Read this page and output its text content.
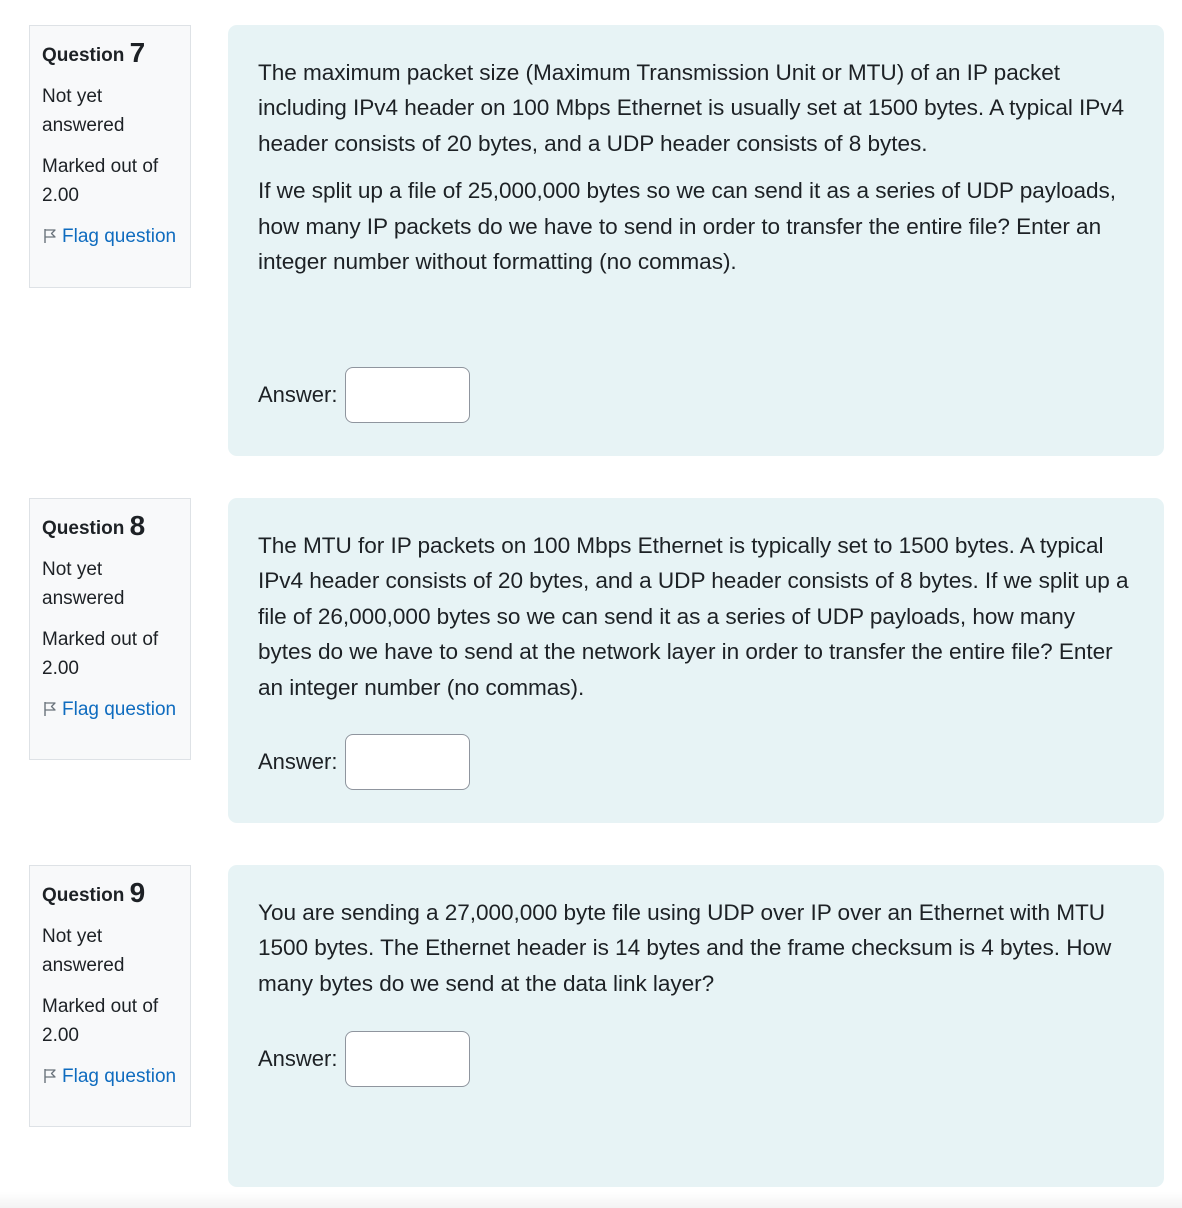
Question 7
Not yet answered
Marked out of 2.00
Flag question

The maximum packet size (Maximum Transmission Unit or MTU) of an IP packet including IPv4 header on 100 Mbps Ethernet is usually set at 1500 bytes. A typical IPv4 header consists of 20 bytes, and a UDP header consists of 8 bytes.

If we split up a file of 25,000,000 bytes so we can send it as a series of UDP payloads, how many IP packets do we have to send in order to transfer the entire file? Enter an integer number without formatting (no commas).

Answer:
Question 8
Not yet answered
Marked out of 2.00
Flag question

The MTU for IP packets on 100 Mbps Ethernet is typically set to 1500 bytes. A typical IPv4 header consists of 20 bytes, and a UDP header consists of 8 bytes. If we split up a file of 26,000,000 bytes so we can send it as a series of UDP payloads, how many bytes do we have to send at the network layer in order to transfer the entire file? Enter an integer number (no commas).

Answer:
Question 9
Not yet answered
Marked out of 2.00
Flag question

You are sending a 27,000,000 byte file using UDP over IP over an Ethernet with MTU 1500 bytes. The Ethernet header is 14 bytes and the frame checksum is 4 bytes. How many bytes do we send at the data link layer?

Answer:
